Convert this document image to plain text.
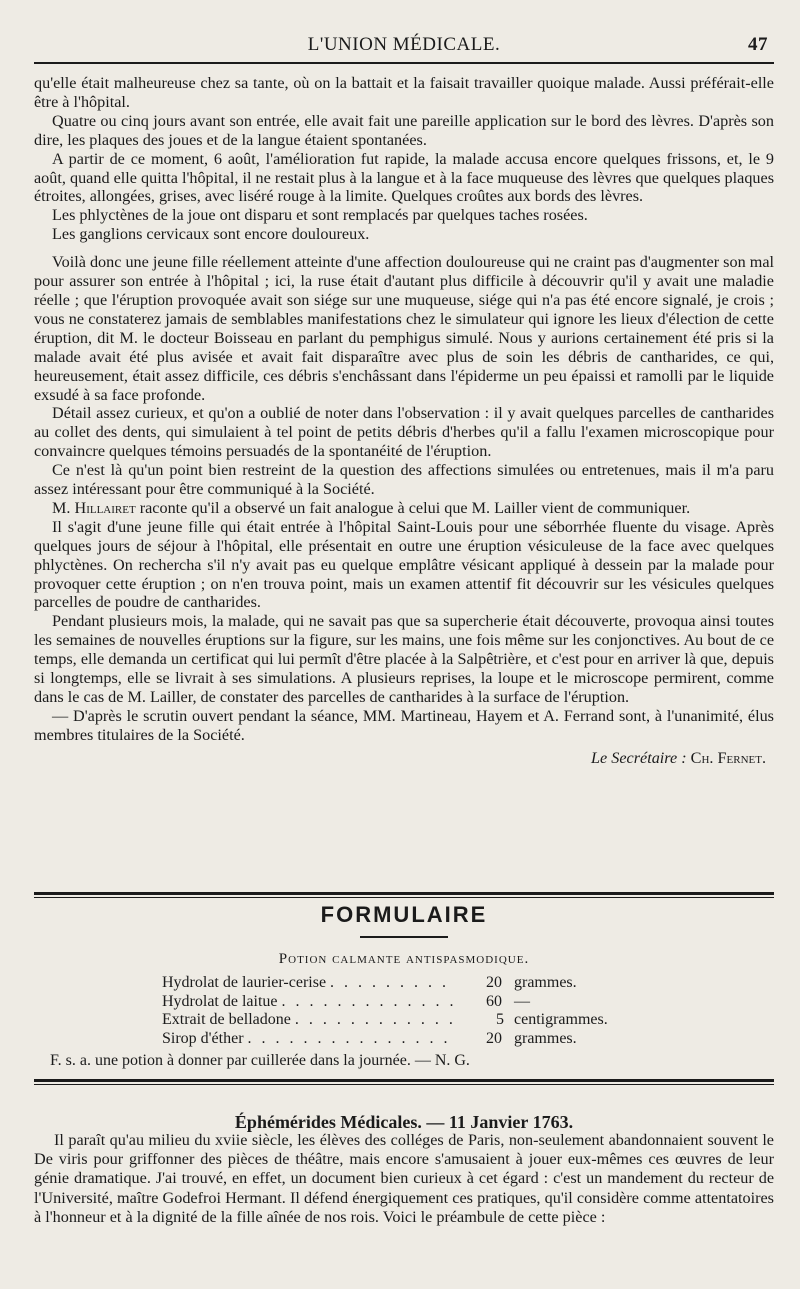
L'UNION MÉDICALE.	47

qu'elle était malheureuse chez sa tante, où on la battait et la faisait travailler quoique malade. Aussi préférait-elle être à l'hôpital.

Quatre ou cinq jours avant son entrée, elle avait fait une pareille application sur le bord des lèvres. D'après son dire, les plaques des joues et de la langue étaient spontanées.

A partir de ce moment, 6 août, l'amélioration fut rapide, la malade accusa encore quelques frissons, et, le 9 août, quand elle quitta l'hôpital, il ne restait plus à la langue et à la face muqueuse des lèvres que quelques plaques étroites, allongées, grises, avec liséré rouge à la limite. Quelques croûtes aux bords des lèvres.

Les phlyctènes de la joue ont disparu et sont remplacés par quelques taches rosées.

Les ganglions cervicaux sont encore douloureux.

Voilà donc une jeune fille réellement atteinte d'une affection douloureuse qui ne craint pas d'augmenter son mal pour assurer son entrée à l'hôpital ; ici, la ruse était d'autant plus difficile à découvrir qu'il y avait une maladie réelle ; que l'éruption provoquée avait son siége sur une muqueuse, siége qui n'a pas été encore signalé, je crois ; vous ne constaterez jamais de semblables manifestations chez le simulateur qui ignore les lieux d'élection de cette éruption, dit M. le docteur Boisseau en parlant du pemphigus simulé. Nous y aurions certainement été pris si la malade avait été plus avisée et avait fait disparaître avec plus de soin les débris de cantharides, ce qui, heureusement, était assez difficile, ces débris s'enchâssant dans l'épiderme un peu épaissi et ramolli par le liquide exsudé à sa face profonde.

Détail assez curieux, et qu'on a oublié de noter dans l'observation : il y avait quelques parcelles de cantharides au collet des dents, qui simulaient à tel point de petits débris d'herbes qu'il a fallu l'examen microscopique pour convaincre quelques témoins persuadés de la spontanéité de l'éruption.

Ce n'est là qu'un point bien restreint de la question des affections simulées ou entretenues, mais il m'a paru assez intéressant pour être communiqué à la Société.

M. Hillairet raconte qu'il a observé un fait analogue à celui que M. Lailler vient de communiquer.

Il s'agit d'une jeune fille qui était entrée à l'hôpital Saint-Louis pour une séborrhée fluente du visage. Après quelques jours de séjour à l'hôpital, elle présentait en outre une éruption vésiculeuse de la face avec quelques phlyctènes. On recherchа s'il n'y avait pas eu quelque emplâtre vésicant appliqué à dessein par la malade pour provoquer cette éruption ; on n'en trouva point, mais un examen attentif fit découvrir sur les vésicules quelques parcelles de poudre de cantharides.

Pendant plusieurs mois, la malade, qui ne savait pas que sa supercherie était découverte, provoqua ainsi toutes les semaines de nouvelles éruptions sur la figure, sur les mains, une fois même sur les conjonctives. Au bout de ce temps, elle demanda un certificat qui lui permît d'être placée à la Salpêtrière, et c'est pour en arriver là que, depuis si longtemps, elle se livrait à ses simulations. A plusieurs reprises, la loupe et le microscope permirent, comme dans le cas de M. Lailler, de constater des parcelles de cantharides à la surface de l'éruption.

— D'après le scrutin ouvert pendant la séance, MM. Martineau, Hayem et A. Ferrand sont, à l'unanimité, élus membres titulaires de la Société.

Le Secrétaire : Ch. Fernet.
FORMULAIRE
Potion calmante antispasmodique.
Hydrolat de laurier-cerise . . . . . . . . .	20	grammes.
Hydrolat de laitue . . . . . . . . . . . . .	60	—
Extrait de belladone . . . . . . . . . . . .	5	centigrammes.
Sirop d'éther . . . . . . . . . . . . . . .	20	grammes.
F. s. a. une potion à donner par cuillerée dans la journée. — N. G.
Éphémérides Médicales. — 11 Janvier 1763.

Il paraît qu'au milieu du xviie siècle, les élèves des colléges de Paris, non-seulement abandonnaient souvent le De viris pour griffonner des pièces de théâtre, mais encore s'amusaient à jouer eux-mêmes ces œuvres de leur génie dramatique. J'ai trouvé, en effet, un document bien curieux à cet égard : c'est un mandement du recteur de l'Université, maître Godefroi Hermant. Il défend énergiquement ces pratiques, qu'il considère comme attentatoires à l'honneur et à la dignité de la fille aînée de nos rois. Voici le préambule de cette pièce :
